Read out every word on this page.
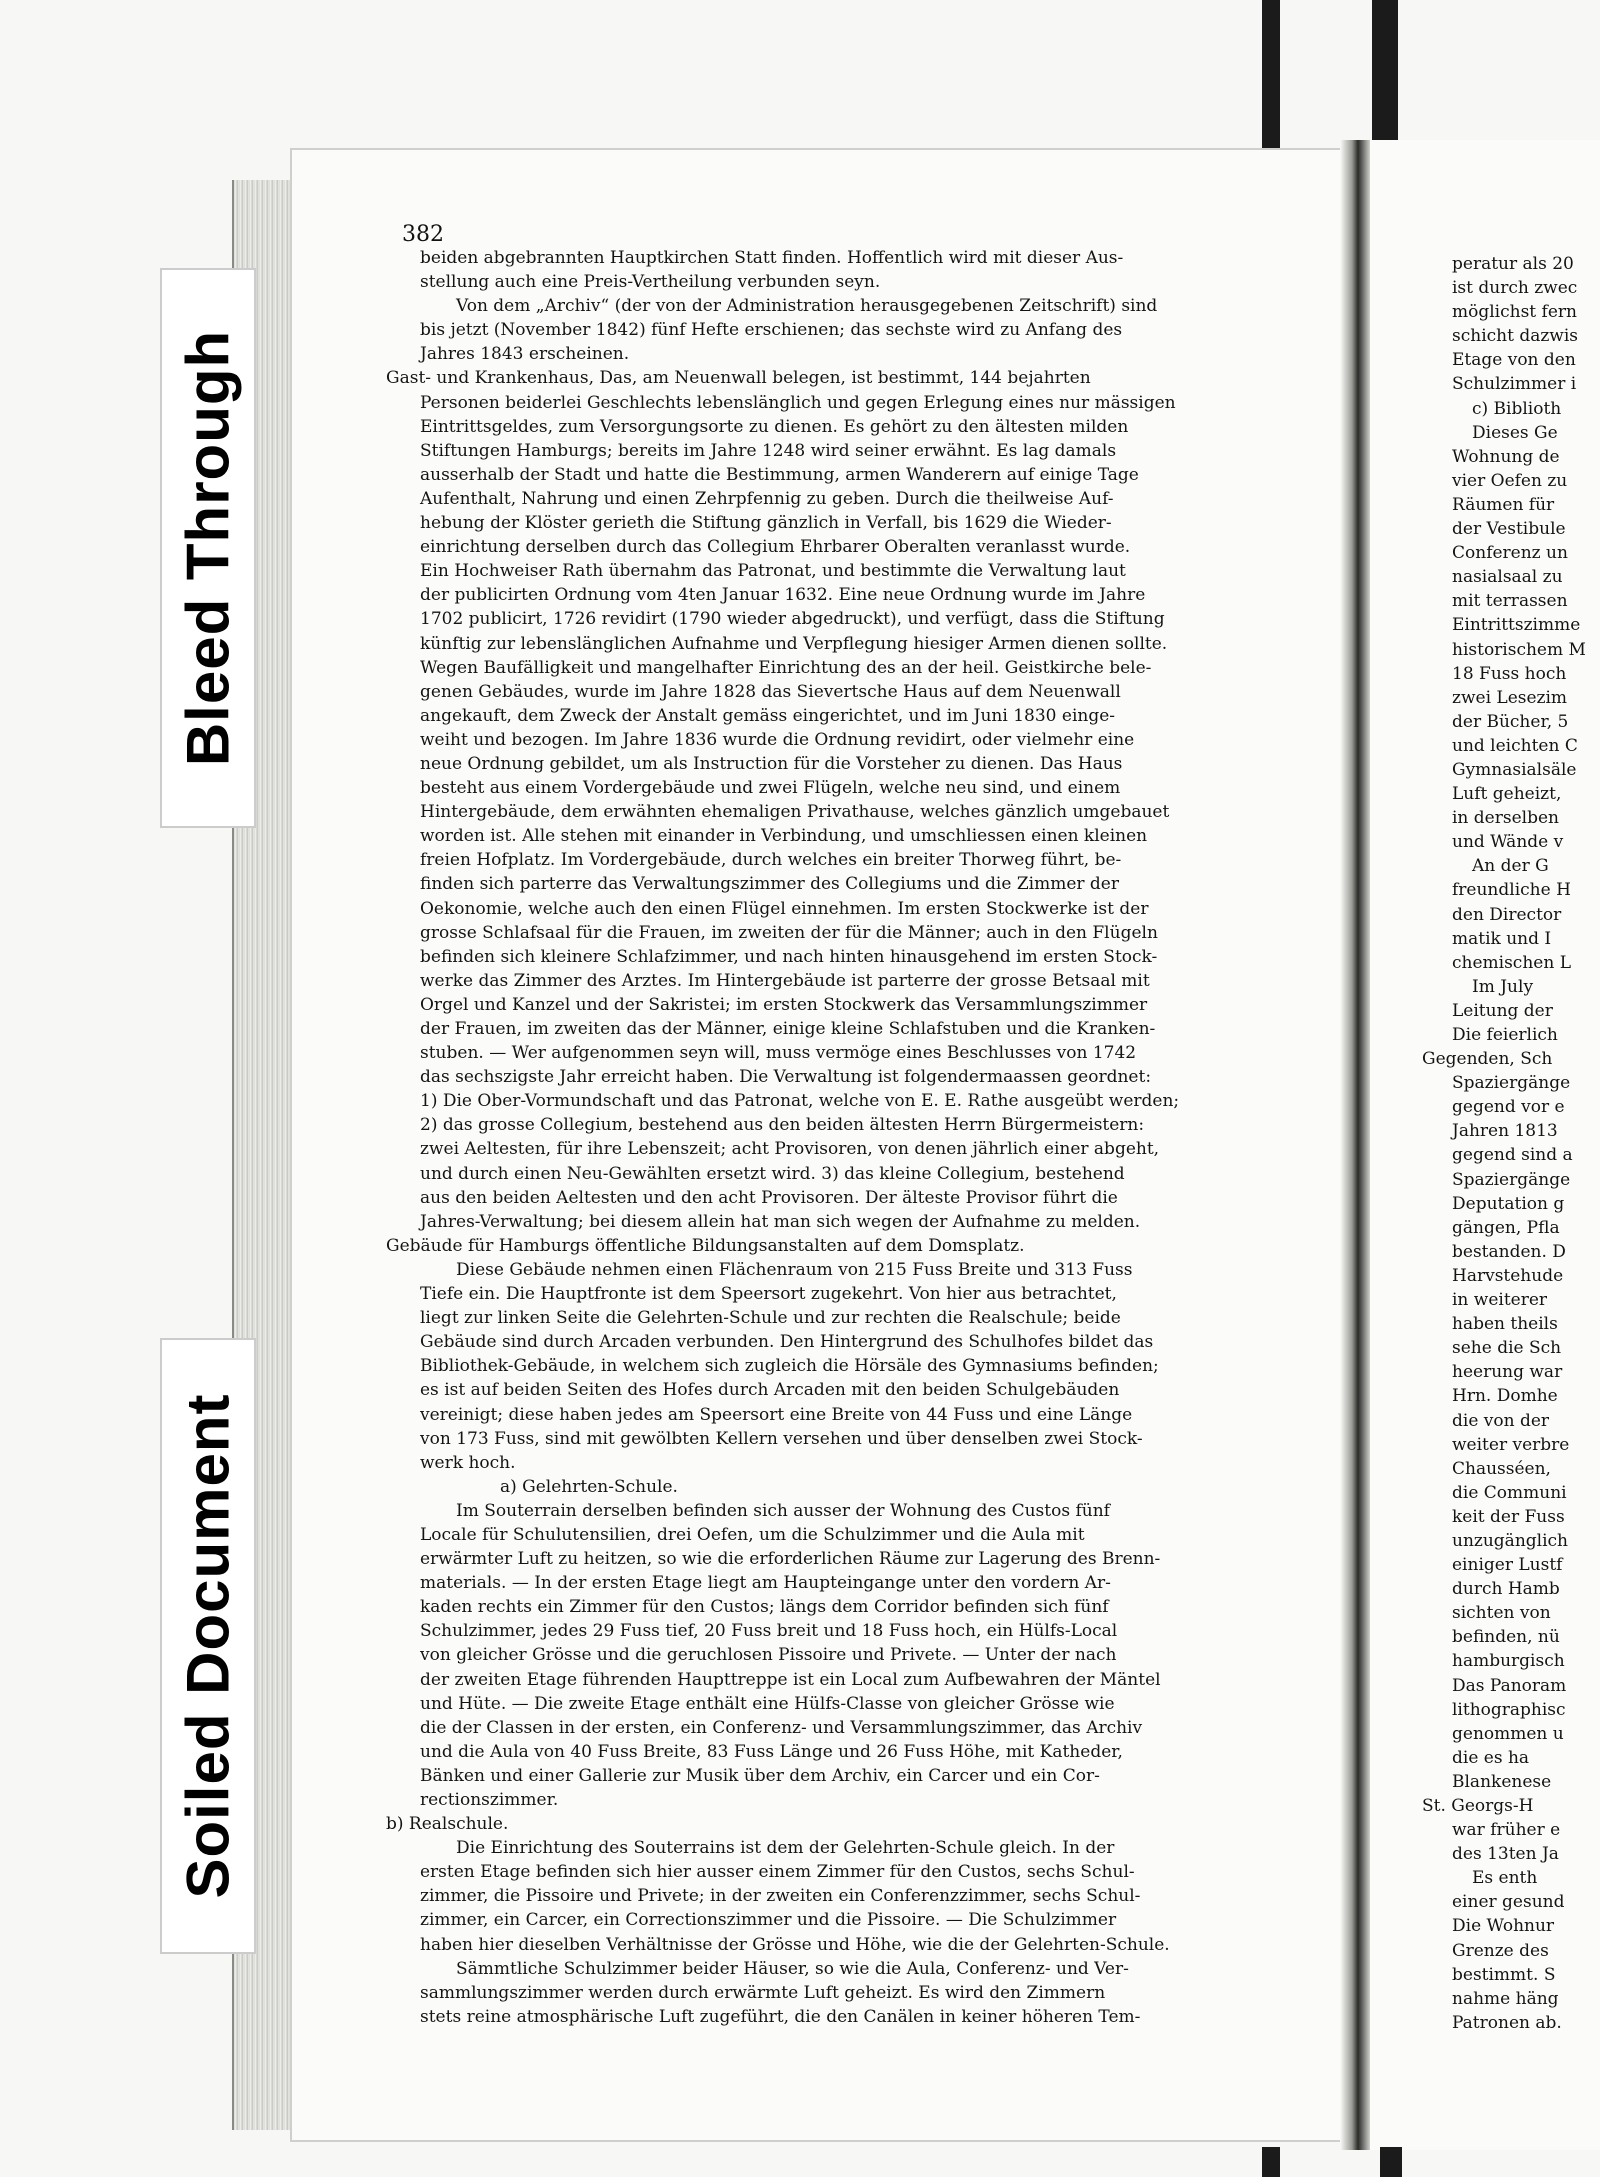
Bleed Through
Soiled Document
382
beiden abgebrannten Hauptkirchen Statt finden. Hoffentlich wird mit dieser Aus-
stellung auch eine Preis-Vertheilung verbunden seyn.
Von dem „Archiv“ (der von der Administration herausgegebenen Zeitschrift) sind
bis jetzt (November 1842) fünf Hefte erschienen; das sechste wird zu Anfang des
Jahres 1843 erscheinen.
Gast- und Krankenhaus, Das, am Neuenwall belegen, ist bestimmt, 144 bejahrten
Personen beiderlei Geschlechts lebenslänglich und gegen Erlegung eines nur mässigen
Eintrittsgeldes, zum Versorgungsorte zu dienen. Es gehört zu den ältesten milden
Stiftungen Hamburgs; bereits im Jahre 1248 wird seiner erwähnt. Es lag damals
ausserhalb der Stadt und hatte die Bestimmung, armen Wanderern auf einige Tage
Aufenthalt, Nahrung und einen Zehrpfennig zu geben. Durch die theilweise Auf-
hebung der Klöster gerieth die Stiftung gänzlich in Verfall, bis 1629 die Wieder-
einrichtung derselben durch das Collegium Ehrbarer Oberalten veranlasst wurde.
Ein Hochweiser Rath übernahm das Patronat, und bestimmte die Verwaltung laut
der publicirten Ordnung vom 4ten Januar 1632. Eine neue Ordnung wurde im Jahre
1702 publicirt, 1726 revidirt (1790 wieder abgedruckt), und verfügt, dass die Stiftung
künftig zur lebenslänglichen Aufnahme und Verpflegung hiesiger Armen dienen sollte.
Wegen Baufälligkeit und mangelhafter Einrichtung des an der heil. Geistkirche bele-
genen Gebäudes, wurde im Jahre 1828 das Sievertsche Haus auf dem Neuenwall
angekauft, dem Zweck der Anstalt gemäss eingerichtet, und im Juni 1830 einge-
weiht und bezogen. Im Jahre 1836 wurde die Ordnung revidirt, oder vielmehr eine
neue Ordnung gebildet, um als Instruction für die Vorsteher zu dienen. Das Haus
besteht aus einem Vordergebäude und zwei Flügeln, welche neu sind, und einem
Hintergebäude, dem erwähnten ehemaligen Privathause, welches gänzlich umgebauet
worden ist. Alle stehen mit einander in Verbindung, und umschliessen einen kleinen
freien Hofplatz. Im Vordergebäude, durch welches ein breiter Thorweg führt, be-
finden sich parterre das Verwaltungszimmer des Collegiums und die Zimmer der
Oekonomie, welche auch den einen Flügel einnehmen. Im ersten Stockwerke ist der
grosse Schlafsaal für die Frauen, im zweiten der für die Männer; auch in den Flügeln
befinden sich kleinere Schlafzimmer, und nach hinten hinausgehend im ersten Stock-
werke das Zimmer des Arztes. Im Hintergebäude ist parterre der grosse Betsaal mit
Orgel und Kanzel und der Sakristei; im ersten Stockwerk das Versammlungszimmer
der Frauen, im zweiten das der Männer, einige kleine Schlafstuben und die Kranken-
stuben. — Wer aufgenommen seyn will, muss vermöge eines Beschlusses von 1742
das sechszigste Jahr erreicht haben. Die Verwaltung ist folgendermaassen geordnet:
1) Die Ober-Vormundschaft und das Patronat, welche von E. E. Rathe ausgeübt werden;
2) das grosse Collegium, bestehend aus den beiden ältesten Herrn Bürgermeistern:
zwei Aeltesten, für ihre Lebenszeit; acht Provisoren, von denen jährlich einer abgeht,
und durch einen Neu-Gewählten ersetzt wird. 3) das kleine Collegium, bestehend
aus den beiden Aeltesten und den acht Provisoren. Der älteste Provisor führt die
Jahres-Verwaltung; bei diesem allein hat man sich wegen der Aufnahme zu melden.
Gebäude für Hamburgs öffentliche Bildungsanstalten auf dem Domsplatz.
Diese Gebäude nehmen einen Flächenraum von 215 Fuss Breite und 313 Fuss
Tiefe ein. Die Hauptfronte ist dem Speersort zugekehrt. Von hier aus betrachtet,
liegt zur linken Seite die Gelehrten-Schule und zur rechten die Realschule; beide
Gebäude sind durch Arcaden verbunden. Den Hintergrund des Schulhofes bildet das
Bibliothek-Gebäude, in welchem sich zugleich die Hörsäle des Gymnasiums befinden;
es ist auf beiden Seiten des Hofes durch Arcaden mit den beiden Schulgebäuden
vereinigt; diese haben jedes am Speersort eine Breite von 44 Fuss und eine Länge
von 173 Fuss, sind mit gewölbten Kellern versehen und über denselben zwei Stock-
werk hoch.
a) Gelehrten-Schule.
Im Souterrain derselben befinden sich ausser der Wohnung des Custos fünf
Locale für Schulutensilien, drei Oefen, um die Schulzimmer und die Aula mit
erwärmter Luft zu heitzen, so wie die erforderlichen Räume zur Lagerung des Brenn-
materials. — In der ersten Etage liegt am Haupteingange unter den vordern Ar-
kaden rechts ein Zimmer für den Custos; längs dem Corridor befinden sich fünf
Schulzimmer, jedes 29 Fuss tief, 20 Fuss breit und 18 Fuss hoch, ein Hülfs-Local
von gleicher Grösse und die geruchlosen Pissoire und Privete. — Unter der nach
der zweiten Etage führenden Haupttreppe ist ein Local zum Aufbewahren der Mäntel
und Hüte. — Die zweite Etage enthält eine Hülfs-Classe von gleicher Grösse wie
die der Classen in der ersten, ein Conferenz- und Versammlungszimmer, das Archiv
und die Aula von 40 Fuss Breite, 83 Fuss Länge und 26 Fuss Höhe, mit Katheder,
Bänken und einer Gallerie zur Musik über dem Archiv, ein Carcer und ein Cor-
rectionszimmer.
b) Realschule.
Die Einrichtung des Souterrains ist dem der Gelehrten-Schule gleich. In der
ersten Etage befinden sich hier ausser einem Zimmer für den Custos, sechs Schul-
zimmer, die Pissoire und Privete; in der zweiten ein Conferenzzimmer, sechs Schul-
zimmer, ein Carcer, ein Correctionszimmer und die Pissoire. — Die Schulzimmer
haben hier dieselben Verhältnisse der Grösse und Höhe, wie die der Gelehrten-Schule.
Sämmtliche Schulzimmer beider Häuser, so wie die Aula, Conferenz- und Ver-
sammlungszimmer werden durch erwärmte Luft geheizt. Es wird den Zimmern
stets reine atmosphärische Luft zugeführt, die den Canälen in keiner höheren Tem-
peratur als 20
ist durch zwec
möglichst fern
schicht dazwis
Etage von den
Schulzimmer i
c) Biblioth
Dieses Ge
Wohnung de
vier Oefen zu
Räumen für
der Vestibule
Conferenz un
nasialsaal zu
mit terrassen
Eintrittszimme
historischem M
18 Fuss hoch
zwei Lesezim
der Bücher, 5
und leichten C
Gymnasialsäle
Luft geheizt,
in derselben
und Wände v
An der G
freundliche H
den Director
matik und I
chemischen L
Im July
Leitung der
Die feierlich
Gegenden, Sch
Spaziergänge
gegend vor e
Jahren 1813
gegend sind a
Spaziergänge
Deputation g
gängen, Pfla
bestanden. D
Harvstehude
in weiterer
haben theils
sehe die Sch
heerung war
Hrn. Domhe
die von der
weiter verbre
Chausséen,
die Communi
keit der Fuss
unzugänglich
einiger Lustf
durch Hamb
sichten von
befinden, nü
hamburgisch
Das Panoram
lithographisc
genommen u
die es ha
Blankenese
St. Georgs-H
war früher e
des 13ten Ja
Es enth
einer gesund
Die Wohnur
Grenze des
bestimmt. S
nahme häng
Patronen ab.
